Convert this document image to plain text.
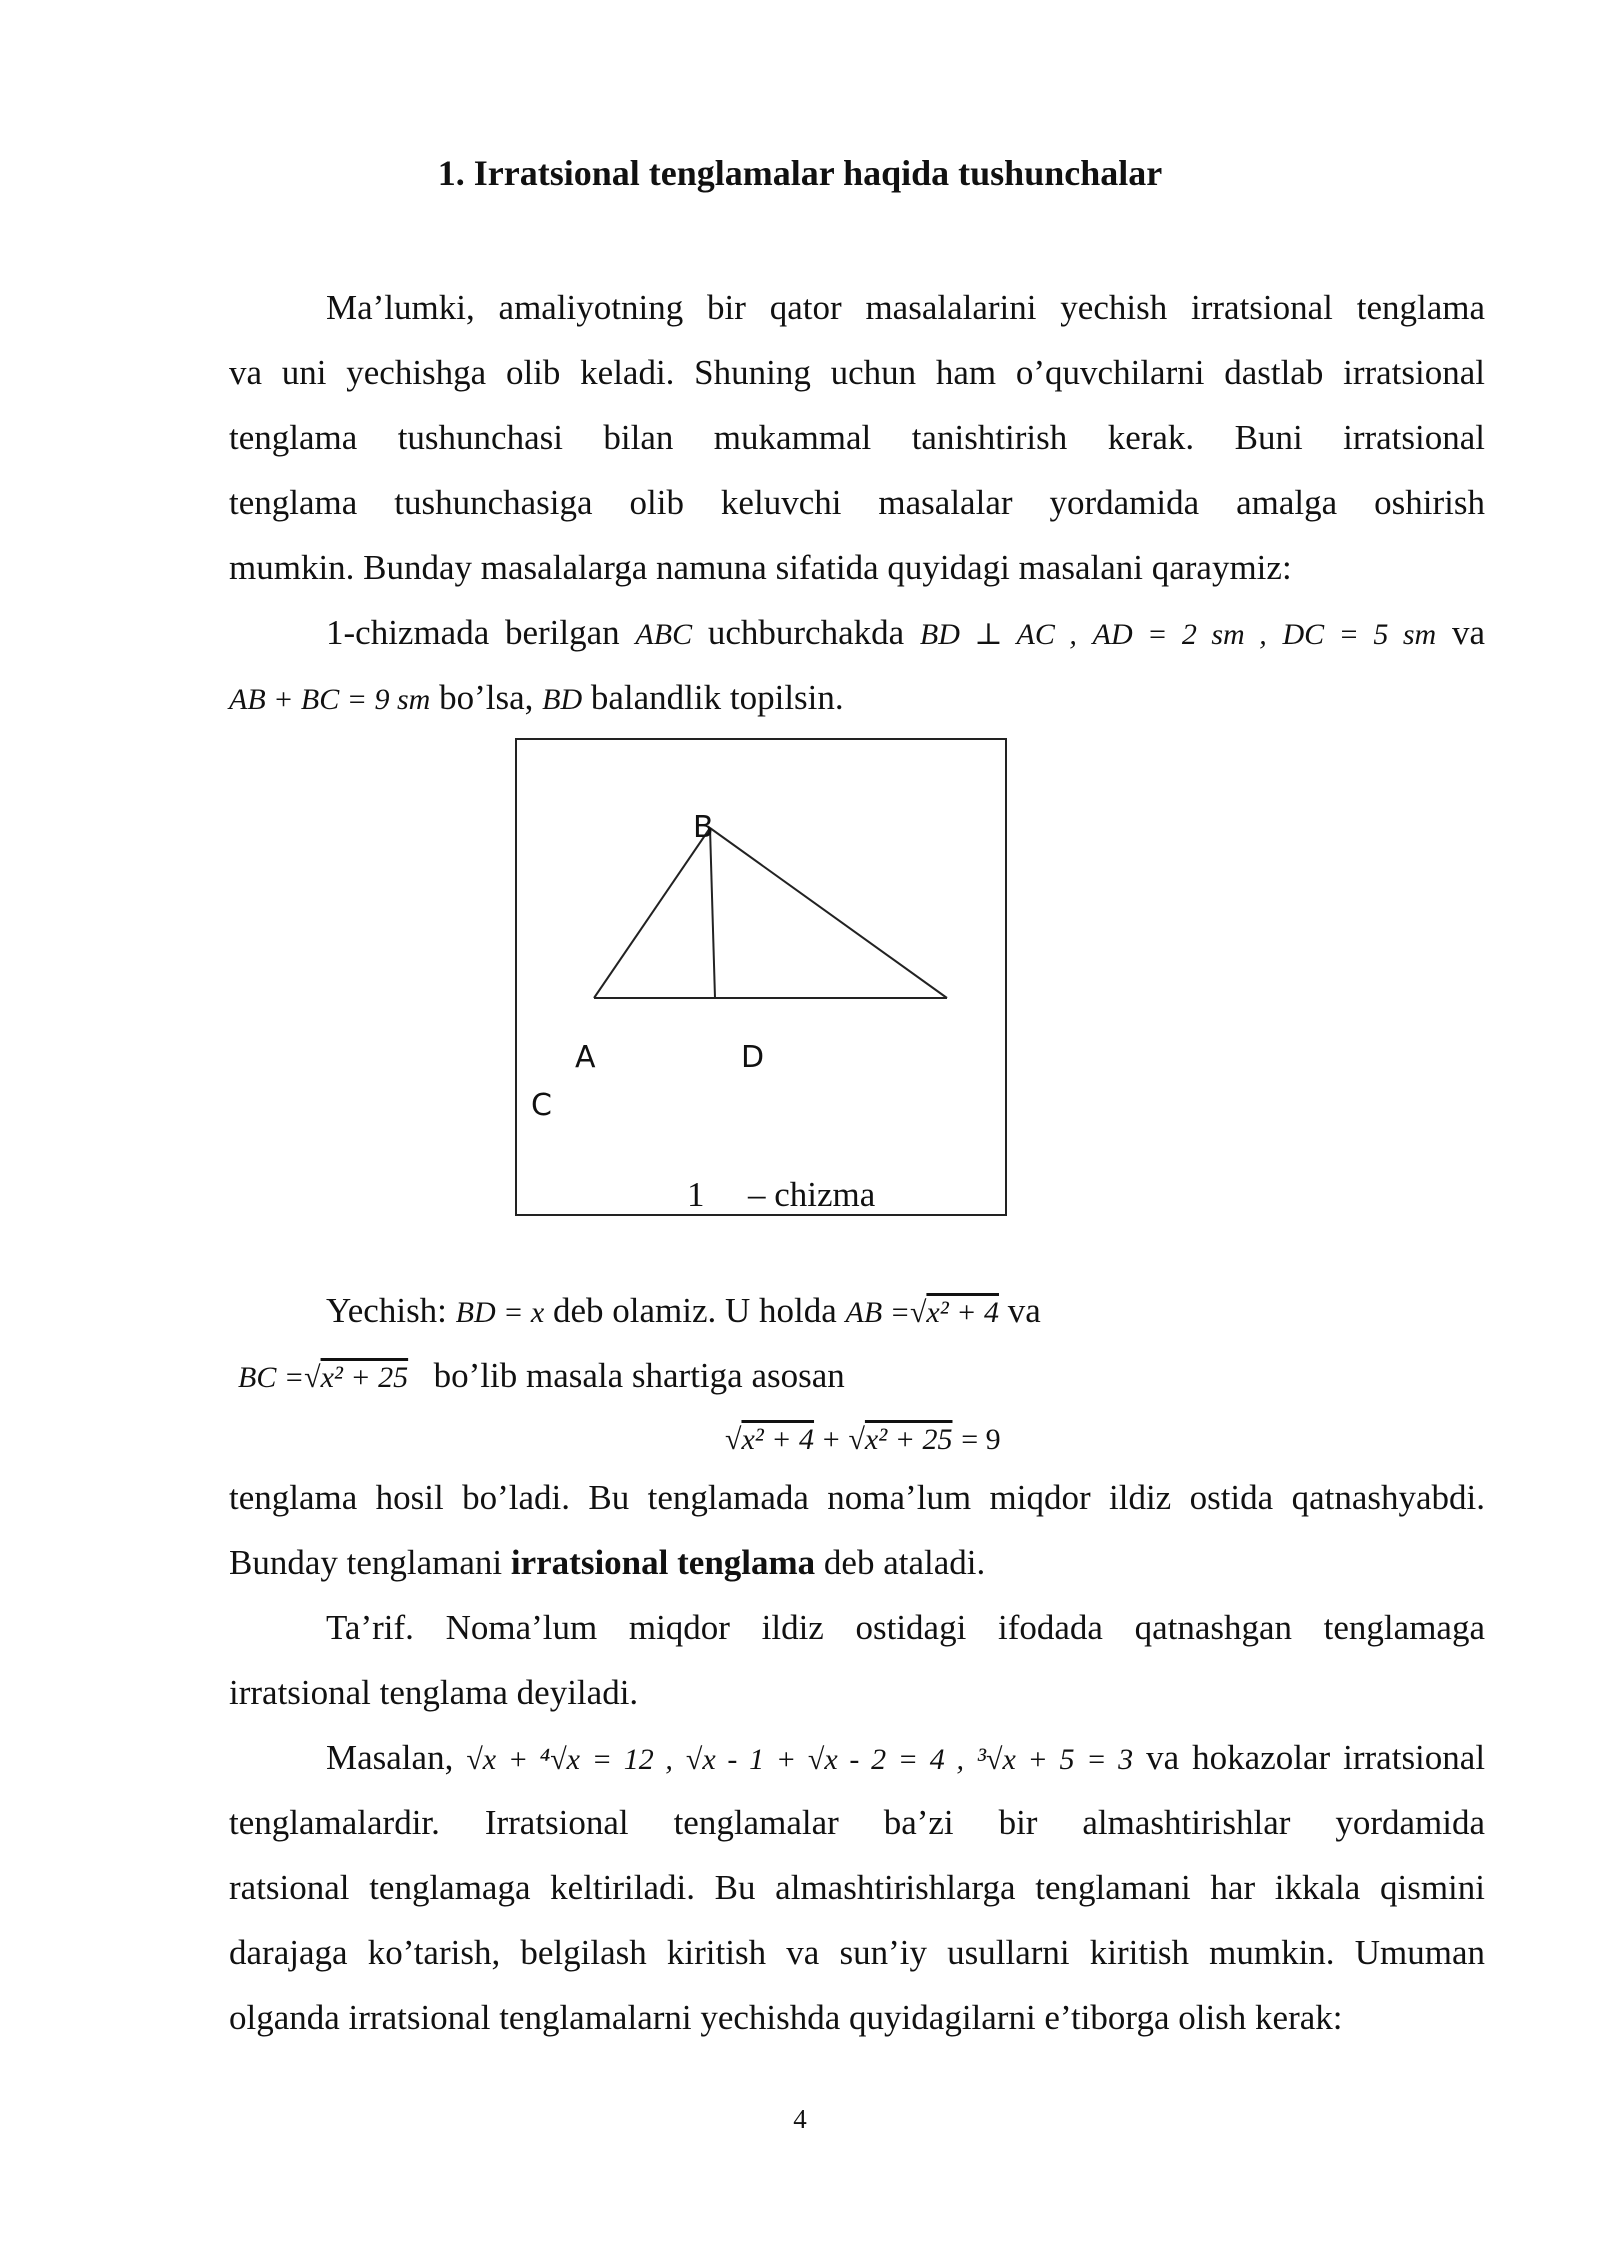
1. Irratsional tenglamalar haqida tushunchalar
Ma’lumki, amaliyotning bir qator masalalarini yechish irratsional tenglama
va uni yechishga olib keladi. Shuning uchun ham o’quvchilarni dastlab irratsional
tenglama tushunchasi bilan mukammal tanishtirish kerak. Buni irratsional
tenglama tushunchasiga olib keluvchi masalalar yordamida amalga oshirish
mumkin. Bunday masalalarga namuna sifatida quyidagi masalani qaraymiz:
1-chizmada berilgan ABC uchburchakda BD ⊥ AC , AD = 2 sm , DC = 5 sm va
AB + BC = 9 sm bo’lsa, BD balandlik topilsin.
B
A	D
C
1 – chizma
Yechish: BD = x deb olamiz. U holda AB =√x² + 4 va
BC =√x² + 25 bo’lib masala shartiga asosan
√x² + 4 + √x² + 25 = 9
tenglama hosil bo’ladi. Bu tenglamada noma’lum miqdor ildiz ostida qatnashyabdi.
Bunday tenglamani irratsional tenglama deb ataladi.
Ta’rif. Noma’lum miqdor ildiz ostidagi ifodada qatnashgan tenglamaga
irratsional tenglama deyiladi.
Masalan, √x + ⁴√x = 12 , √x - 1 + √x - 2 = 4 , ³√x + 5 = 3 va hokazolar irratsional
tenglamalardir. Irratsional tenglamalar ba’zi bir almashtirishlar yordamida
ratsional tenglamaga keltiriladi. Bu almashtirishlarga tenglamani har ikkala qismini
darajaga ko’tarish, belgilash kiritish va sun’iy usullarni kiritish mumkin. Umuman
olganda irratsional tenglamalarni yechishda quyidagilarni e’tiborga olish kerak:
4
